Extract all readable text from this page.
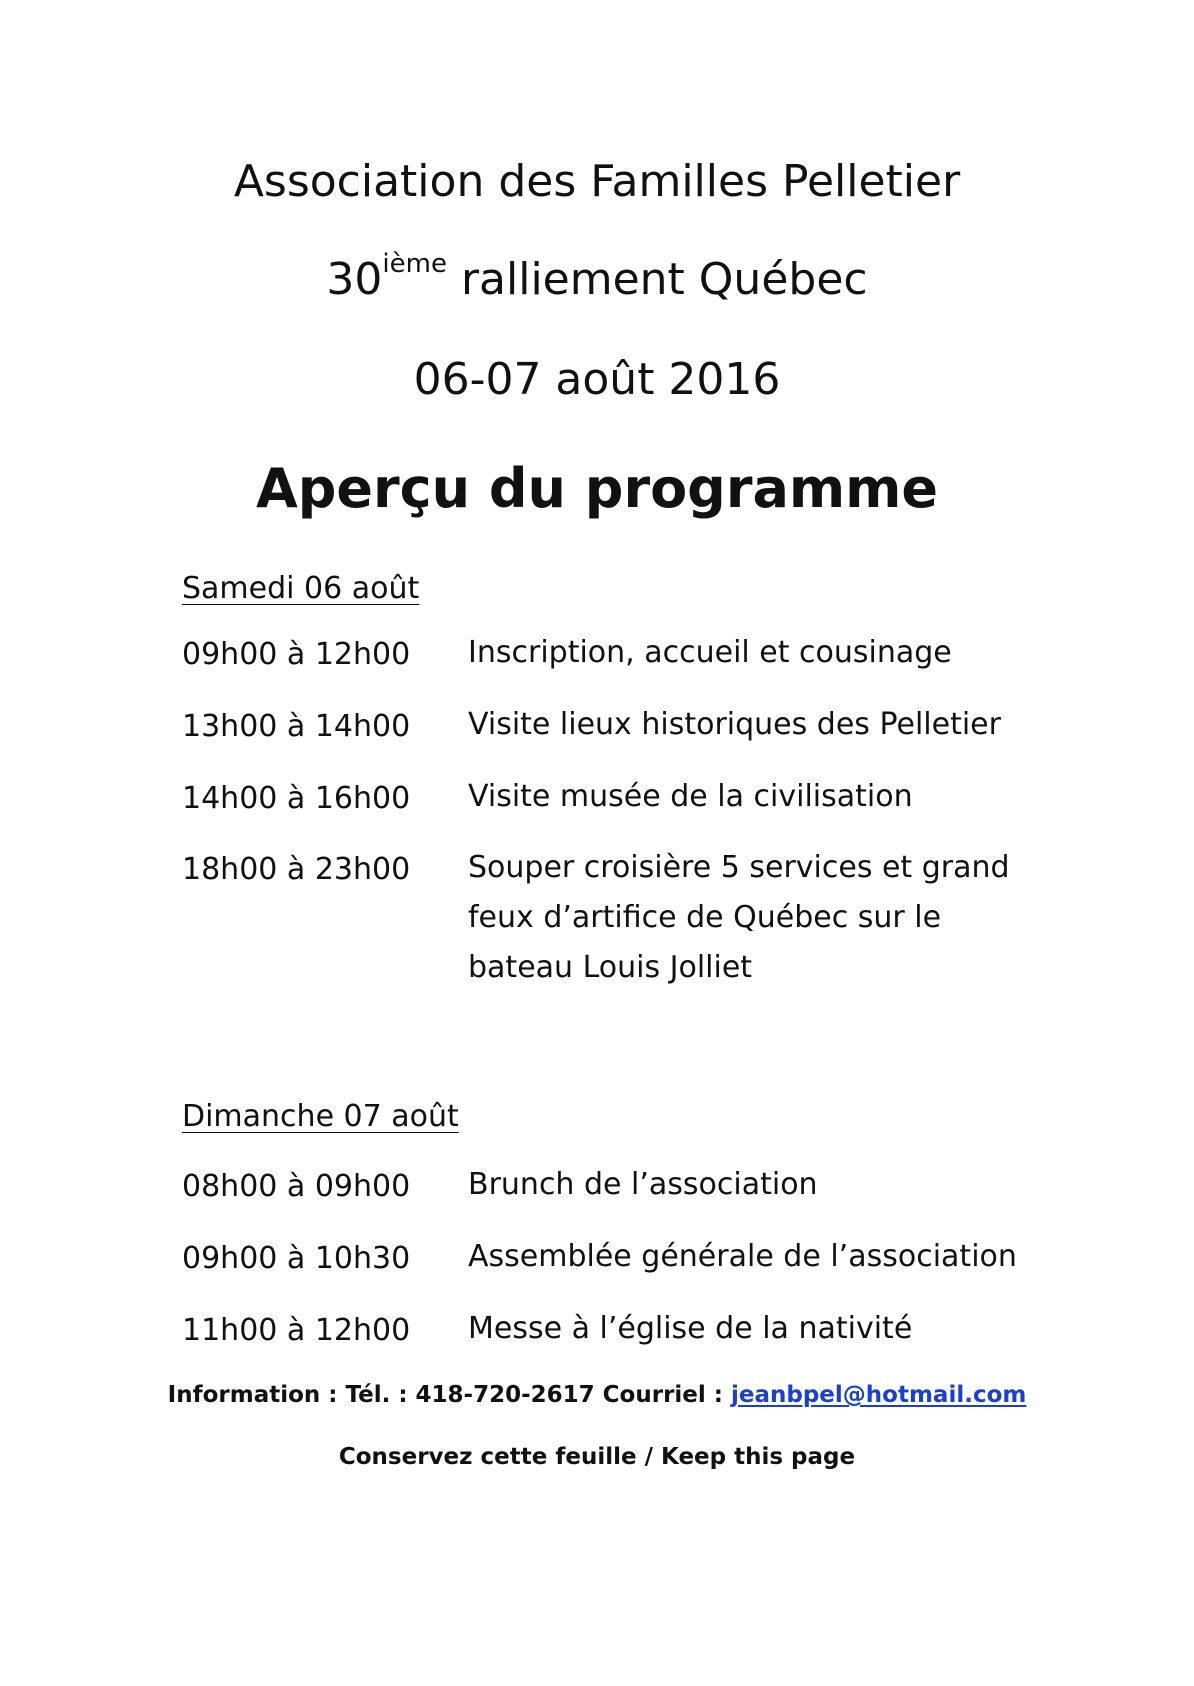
Association des Familles Pelletier
30ième ralliement Québec
06-07 août 2016
Aperçu du programme
Samedi 06 août
09h00 à 12h00 Inscription, accueil et cousinage
13h00 à 14h00 Visite lieux historiques des Pelletier
14h00 à 16h00 Visite musée de la civilisation
18h00 à 23h00 Souper croisière 5 services et grand feux d’artifice de Québec sur le bateau Louis Jolliet
Dimanche 07 août
08h00 à 09h00 Brunch de l’association
09h00 à 10h30 Assemblée générale de l’association
11h00 à 12h00 Messe à l’église de la nativité
Information : Tél. : 418-720-2617 Courriel : jeanbpel@hotmail.com
Conservez cette feuille / Keep this page
